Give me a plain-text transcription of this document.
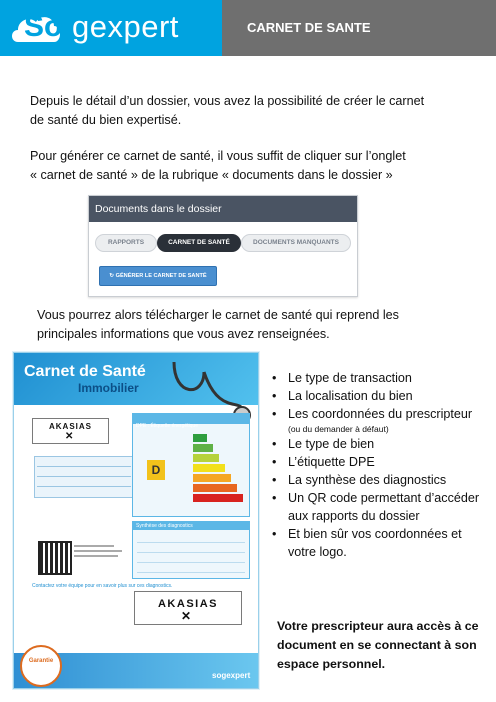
So gexpert	CARNET DE SANTE
Depuis le détail d’un dossier, vous avez la possibilité de créer le carnet
de santé du bien expertisé.
Pour générer ce carnet de santé, il vous suffit de cliquer sur l’onglet
« carnet de santé » de la rubrique « documents dans le dossier »
Documents dans le dossier
RAPPORTS	CARNET DE SANTÉ	DOCUMENTS MANQUANTS
↻ GÉNÉRER LE CARNET DE SANTÉ
Vous pourrez alors télécharger le carnet de santé qui reprend les
principales informations que vous avez renseignées.
Carnet de Santé
Immobilier
AKASIAS
✕
DPE : Étiquette énergétique
D
Synthèse des diagnostics
Contactez votre équipe pour en savoir plus sur ces diagnostics.
AKASIAS
✕
Garantie
sogexpert
• Le type de transaction
• La localisation du bien
• Les coordonnées du prescripteur
(ou du demander à défaut)
• Le type de bien
• L’étiquette DPE
• La synthèse des diagnostics
• Un QR code permettant d’accéder aux rapports du dossier
• Et bien sûr vos coordonnées et votre logo.
Votre prescripteur aura accès à ce document en se connectant à son espace personnel.
